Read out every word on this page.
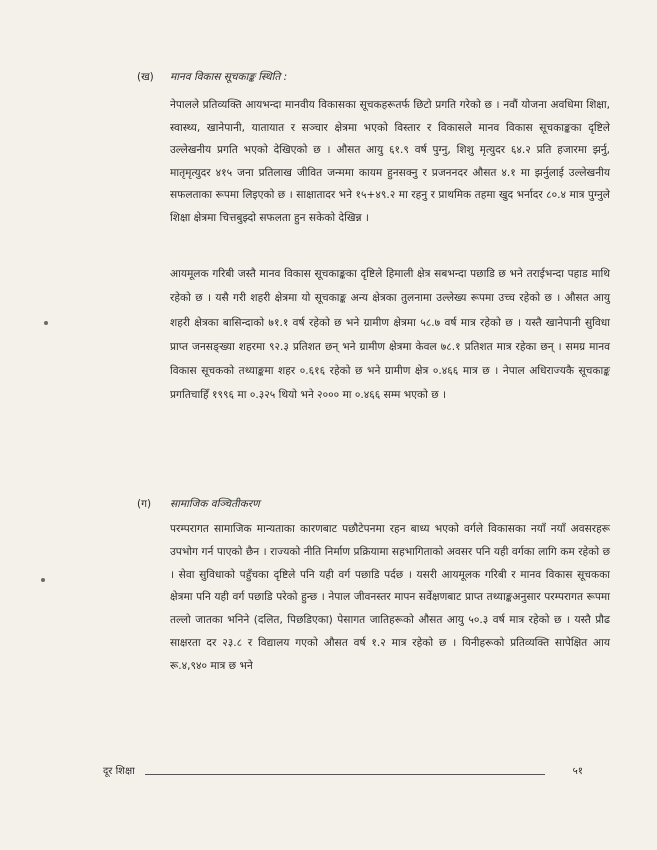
(ख) मानव विकास सूचकाङ्क स्थिति :

नेपालले प्रतिव्यक्ति आयभन्दा मानवीय विकासका सूचकहरूतर्फ छिटो प्रगति गरेको छ । नवौं योजना अवधिमा शिक्षा, स्वास्थ्य, खानेपानी, यातायात र सञ्चार क्षेत्रमा भएको विस्तार र विकासले मानव विकास सूचकाङ्कका दृष्टिले उल्लेखनीय प्रगति भएको देखिएको छ । औसत आयु ६१.९ वर्ष पुग्नु, शिशु मृत्युदर ६४.२ प्रति हजारमा झर्नु, मातृमृत्युदर ४१५ जना प्रतिलाख जीवित जन्ममा कायम हुनसक्नु र प्रजननदर औसत ४.१ मा झर्नुलाई उल्लेखनीय सफलताका रूपमा लिइएको छ । साक्षातादर भने ‌१५+४९.२ मा रहनु र प्राथमिक तहमा खुद भर्नादर ८०.४ मात्र पुग्नुले शिक्षा क्षेत्रमा चित्तबुझ्दो सफलता हुन सकेको देखिन्न ।

आयमूलक गरिबी जस्तै मानव विकास सूचकाङ्कका दृष्टिले हिमाली क्षेत्र सबभन्दा पछाडि छ भने तराईभन्दा पहाड माथि रहेको छ । यसै गरी शहरी क्षेत्रमा यो सूचकाङ्क अन्य क्षेत्रका तुलनामा उल्लेख्य रूपमा उच्च रहेको छ । औसत आयु शहरी क्षेत्रका बासिन्दाको ७१.१ वर्ष रहेको छ भने ग्रामीण क्षेत्रमा ५८.७ वर्ष मात्र रहेको छ । यस्तै खानेपानी सुविधा प्राप्त जनसङ्ख्या शहरमा ९२.३ प्रतिशत छन् भने ग्रामीण क्षेत्रमा केवल ७८.१ प्रतिशत मात्र रहेका छन् । समग्र मानव विकास सूचकको तथ्याङ्कमा शहर ०.६१६ रहेको छ भने ग्रामीण क्षेत्र ०.४६६ मात्र छ । नेपाल अधिराज्यकै सूचकाङ्क प्रगतिचाहिँ १९९६ मा ०.३२५ थियो भने २००० मा ०.४६६ सम्म भएको छ ।

(ग) सामाजिक वञ्चितीकरण

परम्परागत सामाजिक मान्यताका कारणबाट पछौटेपनमा रहन बाध्य भएको वर्गले विकासका नयाँ नयाँ अवसरहरू उपभोग गर्न पाएको छैन । राज्यको नीति निर्माण प्रक्रियामा सहभागिताको अवसर पनि यही वर्गका लागि कम रहेको छ । सेवा सुविधाको पहुँचका दृष्टिले पनि यही वर्ग पछाडि पर्दछ । यसरी आयमूलक गरिबी र मानव विकास सूचकका क्षेत्रमा पनि यही वर्ग पछाडि परेको हुन्छ । नेपाल जीवनस्तर मापन सर्वेक्षणबाट प्राप्त तथ्याङ्कअनुसार परम्परागत रूपमा तल्लो जातका भनिने (दलित, पिछडिएका) पेसागत जातिहरूको औसत आयु ५०.३ वर्ष मात्र रहेको छ । यस्तै प्रौढ साक्षरता दर २३.८ र विद्यालय गएको औसत वर्ष १.२ मात्र रहेको छ । यिनीहरूको प्रतिव्यक्ति सापेक्षित आय रू.४,९४० मात्र छ भने

दूर शिक्षा	५१
